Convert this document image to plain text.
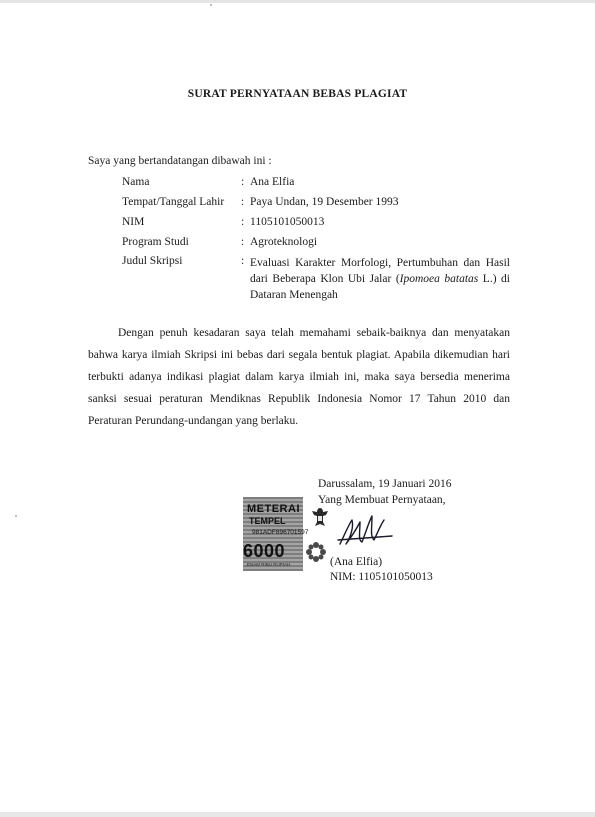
SURAT PERNYATAAN BEBAS PLAGIAT
Saya yang bertandatangan dibawah ini :
Nama	: Ana Elfia
Tempat/Tanggal Lahir : Paya Undan, 19 Desember 1993
NIM	: 1105101050013
Program Studi	: Agroteknologi
Judul Skripsi	: Evaluasi Karakter Morfologi, Pertumbuhan dan Hasil
dari Beberapa Klon Ubi Jalar (Ipomoea batatas L.) di
Dataran Menengah
Dengan penuh kesadaran saya telah memahami sebaik-baiknya dan menyatakan
bahwa karya ilmiah Skripsi ini bebas dari segala bentuk plagiat. Apabila dikemudian hari
terbukti adanya indikasi plagiat dalam karya ilmiah ini, maka saya bersedia menerima
sanksi sesuai peraturan Mendiknas Republik Indonesia Nomor 17 Tahun 2010 dan
Peraturan Perundang-undangan yang berlaku.
Darussalam, 19 Januari 2016
Yang Membuat Pernyataan,
METERAI
TEMPEL
981ADF896701597
6000
ENAM RIBU RUPIAH	(Ana Elfia)
NIM: 1105101050013
